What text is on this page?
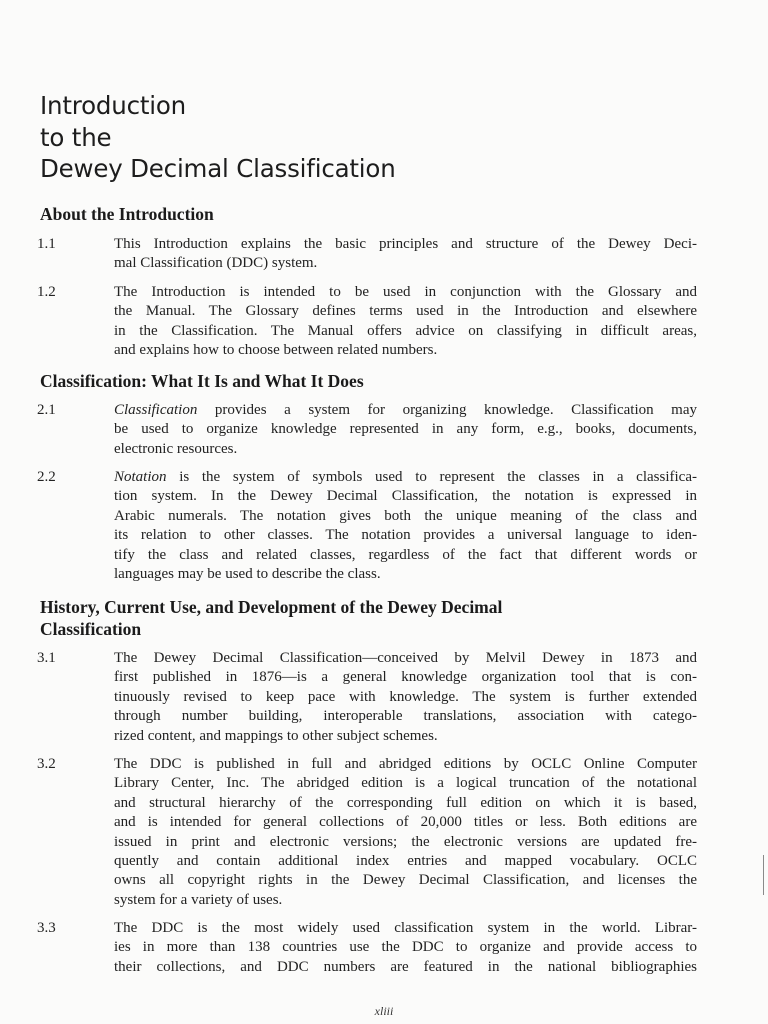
Introduction
to the
Dewey Decimal Classification
About the Introduction
1.1	This Introduction explains the basic principles and structure of the Dewey Deci-
mal Classification (DDC) system.
1.2	The Introduction is intended to be used in conjunction with the Glossary and
the Manual. The Glossary defines terms used in the Introduction and elsewhere
in the Classification. The Manual offers advice on classifying in difficult areas,
and explains how to choose between related numbers.
Classification: What It Is and What It Does
2.1	Classification provides a system for organizing knowledge. Classification may
be used to organize knowledge represented in any form, e.g., books, documents,
electronic resources.
2.2	Notation is the system of symbols used to represent the classes in a classifica-
tion system. In the Dewey Decimal Classification, the notation is expressed in
Arabic numerals. The notation gives both the unique meaning of the class and
its relation to other classes. The notation provides a universal language to iden-
tify the class and related classes, regardless of the fact that different words or
languages may be used to describe the class.
History, Current Use, and Development of the Dewey Decimal
Classification
3.1	The Dewey Decimal Classification—conceived by Melvil Dewey in 1873 and
first published in 1876—is a general knowledge organization tool that is con-
tinuously revised to keep pace with knowledge. The system is further extended
through number building, interoperable translations, association with catego-
rized content, and mappings to other subject schemes.
3.2	The DDC is published in full and abridged editions by OCLC Online Computer
Library Center, Inc. The abridged edition is a logical truncation of the notational
and structural hierarchy of the corresponding full edition on which it is based,
and is intended for general collections of 20,000 titles or less. Both editions are
issued in print and electronic versions; the electronic versions are updated fre-
quently and contain additional index entries and mapped vocabulary. OCLC
owns all copyright rights in the Dewey Decimal Classification, and licenses the
system for a variety of uses.
3.3	The DDC is the most widely used classification system in the world. Librar-
ies in more than 138 countries use the DDC to organize and provide access to
their collections, and DDC numbers are featured in the national bibliographies
xliii
